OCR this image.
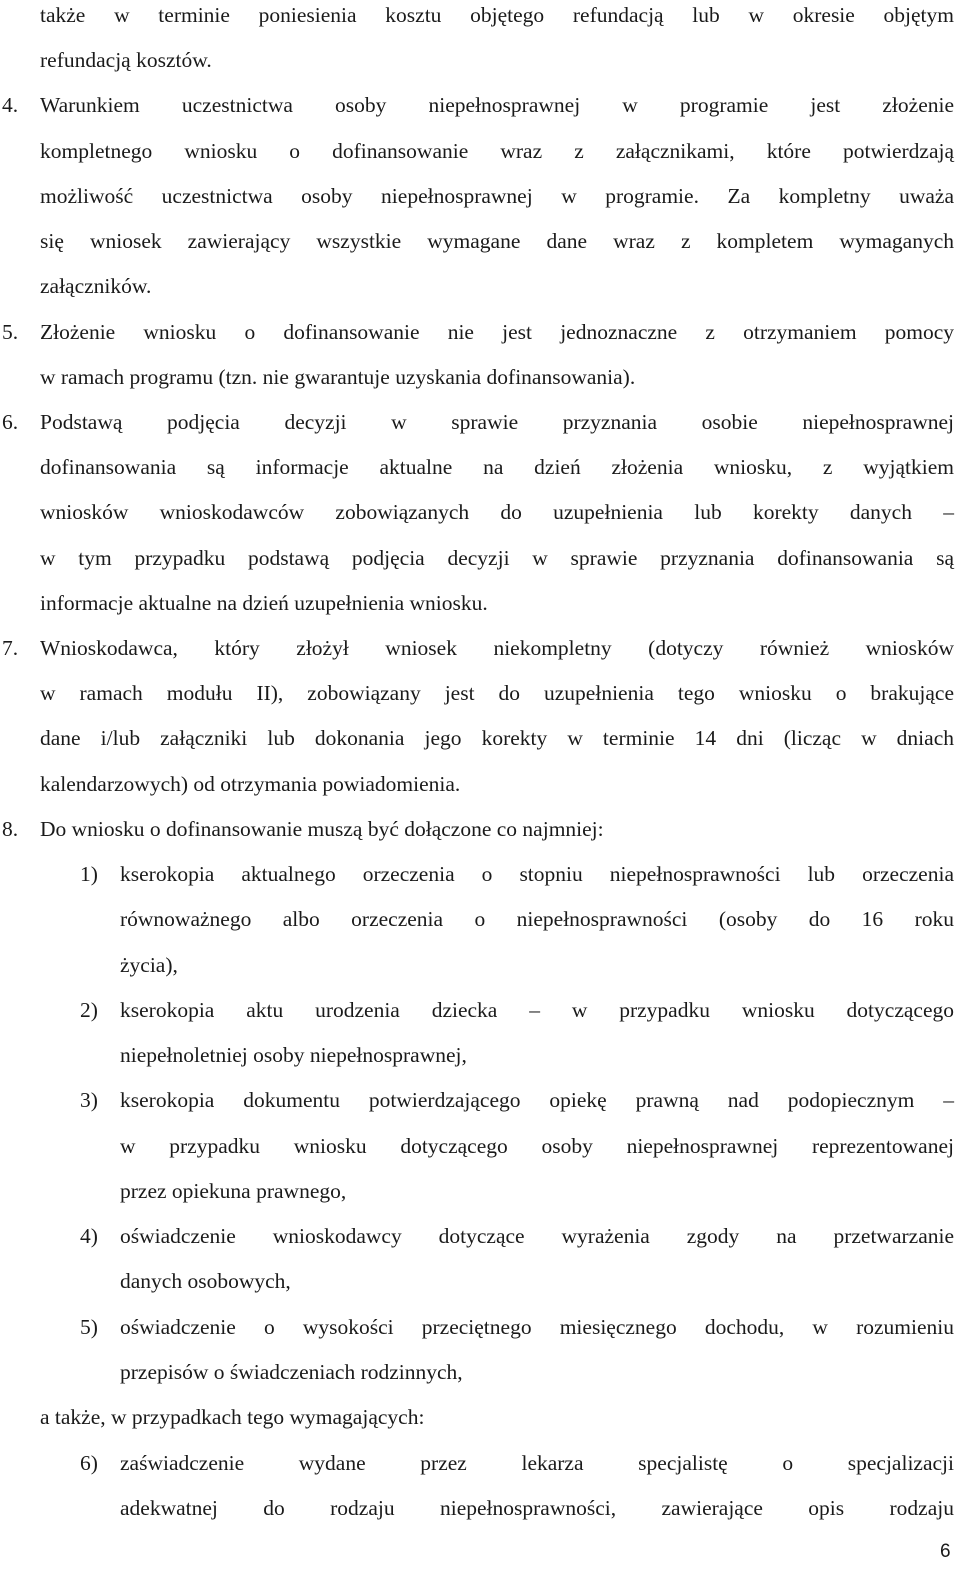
także w terminie poniesienia kosztu objętego refundacją lub w okresie objętym
refundacją kosztów.
4.	Warunkiem uczestnictwa osoby niepełnosprawnej w programie jest złożenie
kompletnego wniosku o dofinansowanie wraz z załącznikami, które potwierdzają
możliwość uczestnictwa osoby niepełnosprawnej w programie. Za kompletny uważa
się wniosek zawierający wszystkie wymagane dane wraz z kompletem wymaganych
załączników.
5.	Złożenie wniosku o dofinansowanie nie jest jednoznaczne z otrzymaniem pomocy
w ramach programu (tzn. nie gwarantuje uzyskania dofinansowania).
6.	Podstawą podjęcia decyzji w sprawie przyznania osobie niepełnosprawnej
dofinansowania są informacje aktualne na dzień złożenia wniosku, z wyjątkiem
wniosków wnioskodawców zobowiązanych do uzupełnienia lub korekty danych –
w tym przypadku podstawą podjęcia decyzji w sprawie przyznania dofinansowania są
informacje aktualne na dzień uzupełnienia wniosku.
7.	Wnioskodawca, który złożył wniosek niekompletny (dotyczy również wniosków
w ramach modułu II), zobowiązany jest do uzupełnienia tego wniosku o brakujące
dane i/lub załączniki lub dokonania jego korekty w terminie 14 dni (licząc w dniach
kalendarzowych) od otrzymania powiadomienia.
8.	Do wniosku o dofinansowanie muszą być dołączone co najmniej:
1)	kserokopia aktualnego orzeczenia o stopniu niepełnosprawności lub orzeczenia
równoważnego albo orzeczenia o niepełnosprawności (osoby do 16 roku
życia),
2)	kserokopia aktu urodzenia dziecka – w przypadku wniosku dotyczącego
niepełnoletniej osoby niepełnosprawnej,
3)	kserokopia dokumentu potwierdzającego opiekę prawną nad podopiecznym –
w przypadku wniosku dotyczącego osoby niepełnosprawnej reprezentowanej
przez opiekuna prawnego,
4)	oświadczenie wnioskodawcy dotyczące wyrażenia zgody na przetwarzanie
danych osobowych,
5)	oświadczenie o wysokości przeciętnego miesięcznego dochodu, w rozumieniu
przepisów o świadczeniach rodzinnych,
a także, w przypadkach tego wymagających:
6)	zaświadczenie wydane przez lekarza specjalistę o specjalizacji
adekwatnej do rodzaju niepełnosprawności, zawierające opis rodzaju
6
